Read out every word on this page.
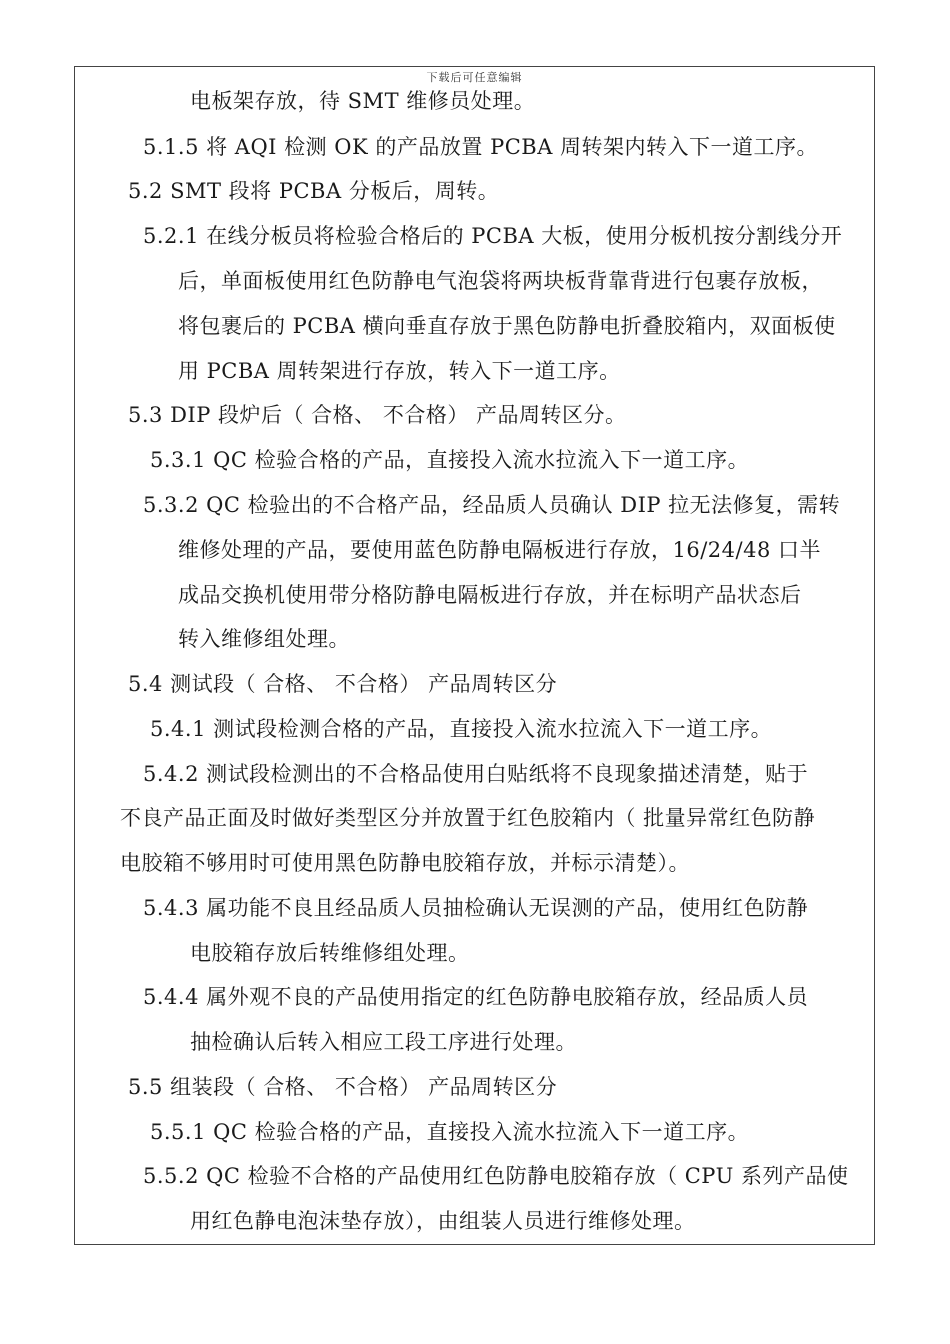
下载后可任意编辑
电板架存放，待 SMT 维修员处理。
5.1.5 将 AQI 检测 OK 的产品放置 PCBA 周转架内转入下一道工序。
5.2 SMT 段将 PCBA 分板后，周转。
5.2.1 在线分板员将检验合格后的 PCBA 大板，使用分板机按分割线分开
后，单面板使用红色防静电气泡袋将两块板背靠背进行包裹存放板，
将包裹后的 PCBA 横向垂直存放于黑色防静电折叠胶箱内，双面板使
用 PCBA 周转架进行存放，转入下一道工序。
5.3 DIP 段炉后（ 合格、 不合格） 产品周转区分。
5.3.1 QC 检验合格的产品，直接投入流水拉流入下一道工序。
5.3.2 QC 检验出的不合格产品，经品质人员确认 DIP 拉无法修复，需转
维修处理的产品，要使用蓝色防静电隔板进行存放，16/24/48 口半
成品交换机使用带分格防静电隔板进行存放，并在标明产品状态后
转入维修组处理。
5.4 测试段（ 合格、 不合格） 产品周转区分
5.4.1 测试段检测合格的产品，直接投入流水拉流入下一道工序。
5.4.2 测试段检测出的不合格品使用白贴纸将不良现象描述清楚，贴于
不良产品正面及时做好类型区分并放置于红色胶箱内（ 批量异常红色防静
电胶箱不够用时可使用黑色防静电胶箱存放，并标示清楚）。
5.4.3 属功能不良且经品质人员抽检确认无误测的产品，使用红色防静
电胶箱存放后转维修组处理。
5.4.4 属外观不良的产品使用指定的红色防静电胶箱存放，经品质人员
抽检确认后转入相应工段工序进行处理。
5.5 组装段（ 合格、 不合格） 产品周转区分
5.5.1 QC 检验合格的产品，直接投入流水拉流入下一道工序。
5.5.2 QC 检验不合格的产品使用红色防静电胶箱存放（ CPU 系列产品使
用红色静电泡沫垫存放），由组装人员进行维修处理。
